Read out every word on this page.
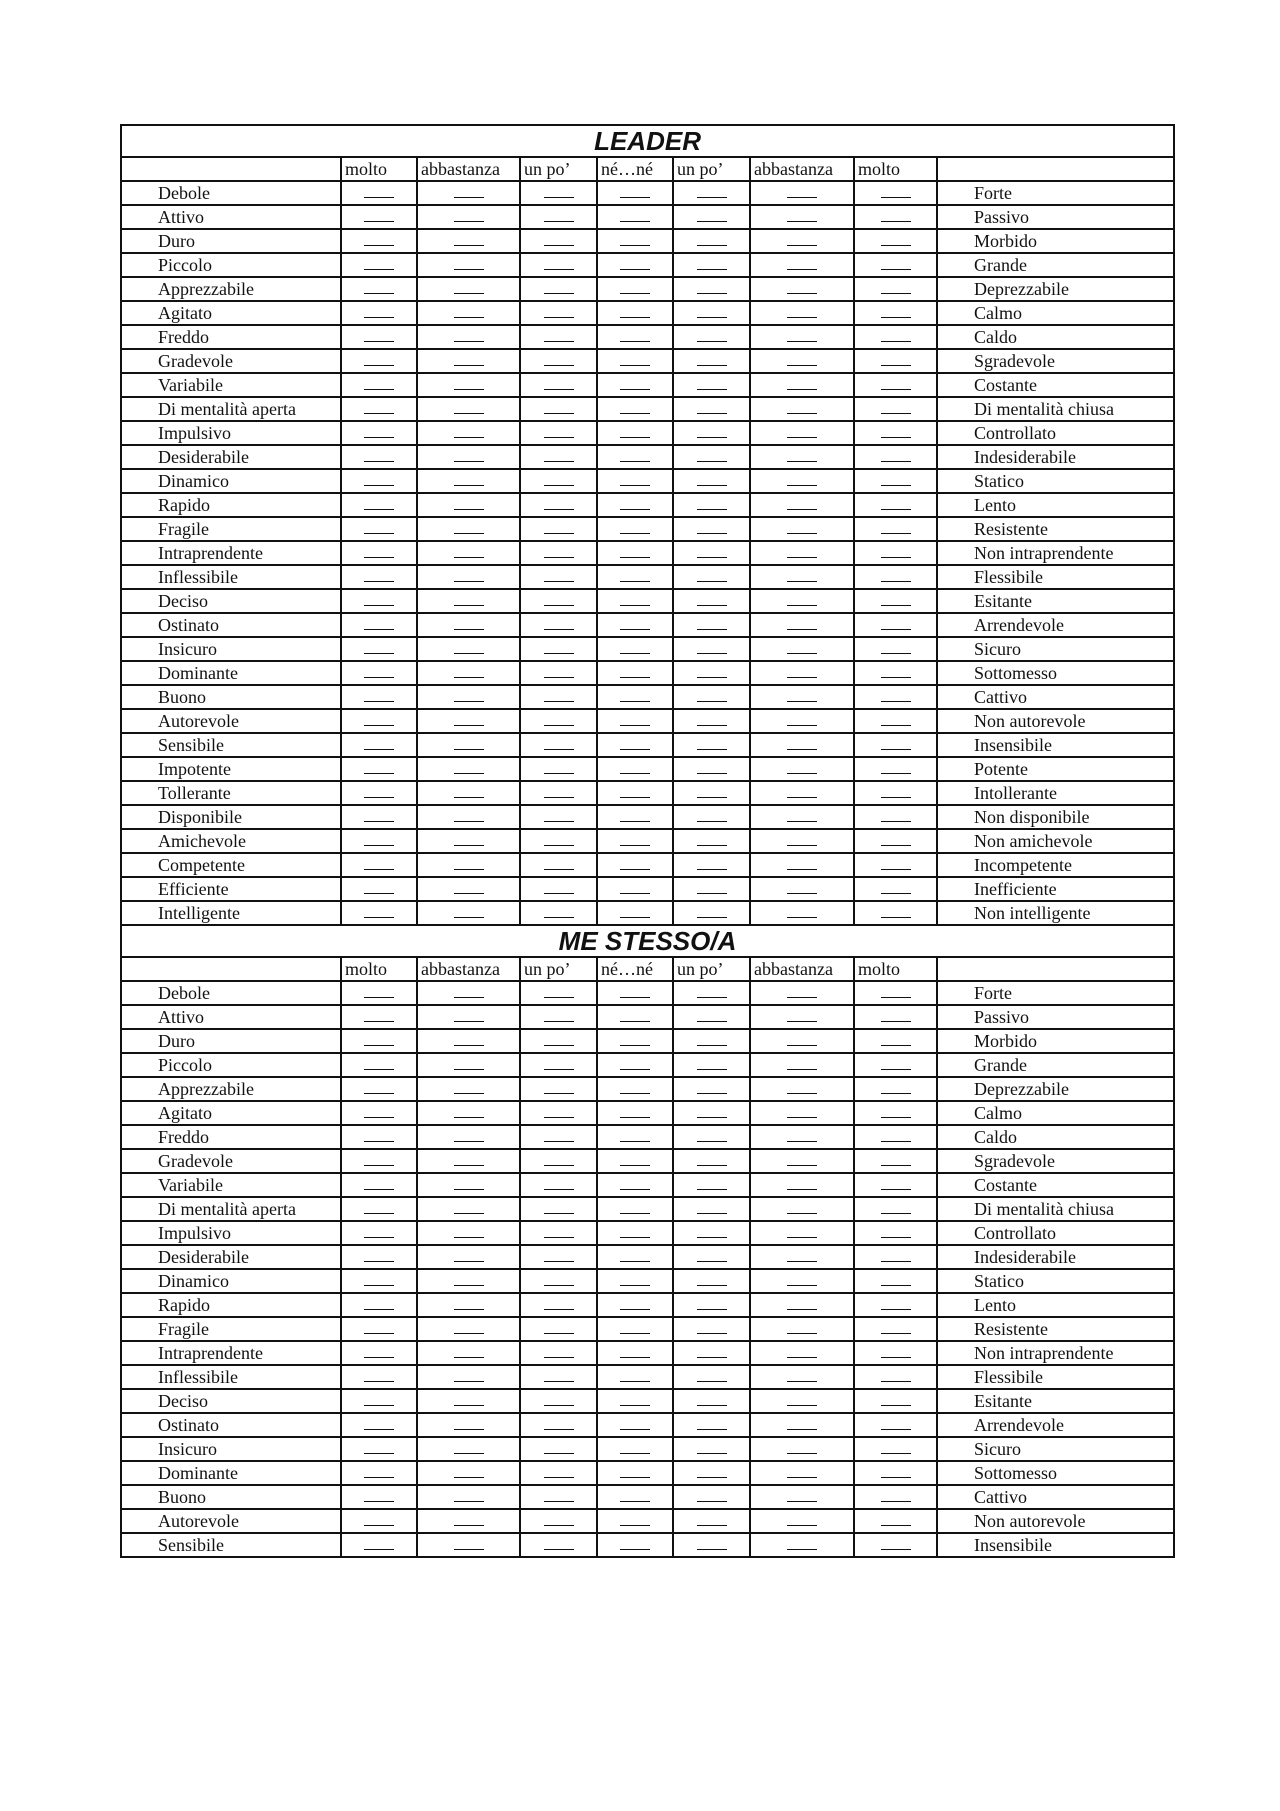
LEADER								
	molto	abbastanza	un po’	né…né	un po’	abbastanza	molto	
Debole								Forte
Attivo								Passivo
Duro								Morbido
Piccolo								Grande
Apprezzabile								Deprezzabile
Agitato								Calmo
Freddo								Caldo
Gradevole								Sgradevole
Variabile								Costante
Di mentalità aperta								Di mentalità chiusa
Impulsivo								Controllato
Desiderabile								Indesiderabile
Dinamico								Statico
Rapido								Lento
Fragile								Resistente
Intraprendente								Non intraprendente
Inflessibile								Flessibile
Deciso								Esitante
Ostinato								Arrendevole
Insicuro								Sicuro
Dominante								Sottomesso
Buono								Cattivo
Autorevole								Non autorevole
Sensibile								Insensibile
Impotente								Potente
Tollerante								Intollerante
Disponibile								Non disponibile
Amichevole								Non amichevole
Competente								Incompetente
Efficiente								Inefficiente
Intelligente								Non intelligente
ME STESSO/A								
	molto	abbastanza	un po’	né…né	un po’	abbastanza	molto	
Debole								Forte
Attivo								Passivo
Duro								Morbido
Piccolo								Grande
Apprezzabile								Deprezzabile
Agitato								Calmo
Freddo								Caldo
Gradevole								Sgradevole
Variabile								Costante
Di mentalità aperta								Di mentalità chiusa
Impulsivo								Controllato
Desiderabile								Indesiderabile
Dinamico								Statico
Rapido								Lento
Fragile								Resistente
Intraprendente								Non intraprendente
Inflessibile								Flessibile
Deciso								Esitante
Ostinato								Arrendevole
Insicuro								Sicuro
Dominante								Sottomesso
Buono								Cattivo
Autorevole								Non autorevole
Sensibile								Insensibile
